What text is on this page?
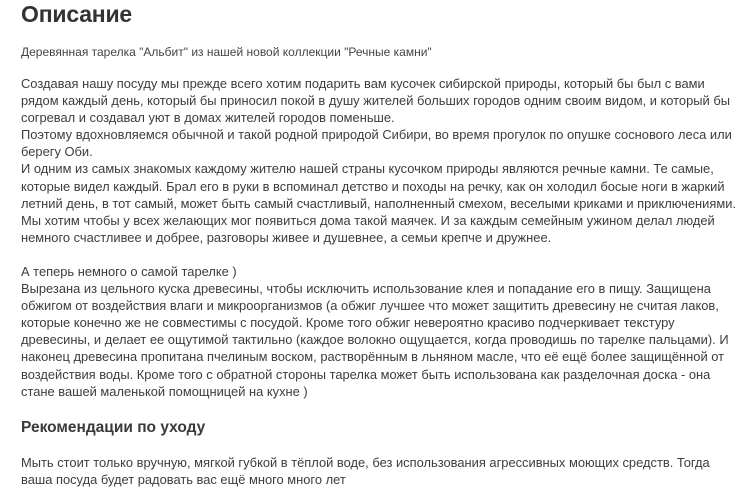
Описание
Деревянная тарелка "Альбит" из нашей новой коллекции "Речные камни"

Создавая нашу посуду мы прежде всего хотим подарить вам кусочек сибирской природы, который бы был с вами рядом каждый день, который бы приносил покой в душу жителей больших городов одним своим видом, и который бы согревал и создавал уют в домах жителей городов поменьше.

Поэтому вдохновляемся обычной и такой родной природой Сибири, во время прогулок по опушке соснового леса или берегу Оби.

И одним из самых знакомых каждому жителю нашей страны кусочком природы являются речные камни. Те самые, которые видел каждый. Брал его в руки в вспоминал детство и походы на речку, как он холодил босые ноги в жаркий летний день, в тот самый, может быть самый счастливый, наполненный смехом, веселыми криками и приключениями.

Мы хотим чтобы у всех желающих мог появиться дома такой маячек. И за каждым семейным ужином делал людей немного счастливее и добрее, разговоры живее и душевнее, а семьи крепче и дружнее.

А теперь немного о самой тарелке )

Вырезана из цельного куска древесины, чтобы исключить использование клея и попадание его в пищу. Защищена обжигом от воздействия влаги и микроорганизмов (а обжиг лучшее что может защитить древесину не считая лаков, которые конечно же не совместимы с посудой. Кроме того обжиг невероятно красиво подчеркивает текстуру древесины, и делает ее ощутимой тактильно (каждое волокно ощущается, когда проводишь по тарелке пальцами). И наконец древесина пропитана пчелиным воском, растворённым в льняном масле, что её ещё более защищённой от воздействия воды. Кроме того с обратной стороны тарелка может быть использована как разделочная доска - она стане вашей маленькой помощницей на кухне )

Рекомендации по уходу
Мыть стоит только вручную, мягкой губкой в тёплой воде, без использования агрессивных моющих средств. Тогда ваша посуда будет радовать вас ещё много много лет
